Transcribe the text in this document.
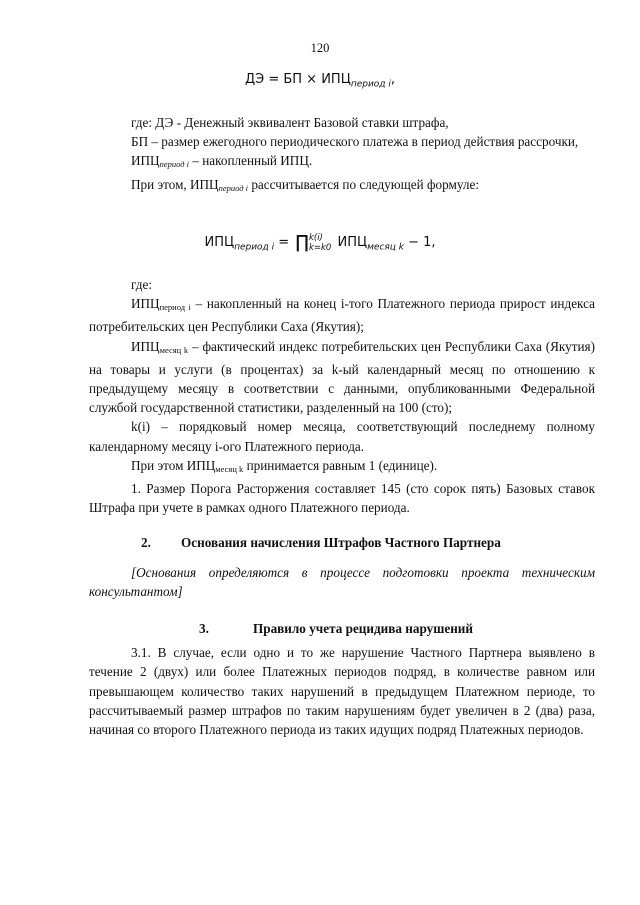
120
ДЭ = БП × $ИПЦ_{период i}$,

где: ДЭ - Денежный эквивалент Базовой ставки штрафа,

БП – размер ежегодного периодического платежа в период действия рассрочки,

ИПЦпериод i – накопленный ИПЦ.

При этом, ИПЦпериод i рассчитывается по следующей формуле:

$ИПЦ_{период i}$ = ∏k(i)
k=k0 $ИПЦ_{месяц k} - 1$,

где:

ИПЦпериод i – накопленный на конец i-того Платежного периода прирост индекса потребительских цен Республики Саха (Якутия);

ИПЦмесяц k – фактический индекс потребительских цен Республики Саха (Якутия) на товары и услуги (в процентах) за k-ый календарный месяц по отношению к предыдущему месяцу в соответствии с данными, опубликованными Федеральной службой государственной статистики, разделенный на 100 (сто);

k(i) – порядковый номер месяца, соответствующий последнему полному календарному месяцу i-ого Платежного периода.

При этом ИПЦмесяц k принимается равным 1 (единице).

1. Размер Порога Расторжения составляет 145 (сто сорок пять) Базовых ставок Штрафа при учете в рамках одного Платежного периода.

2. Основания начисления Штрафов Частного Партнера

[Основания определяются в процессе подготовки проекта техническим консультантом]

3.	Правило учета рецидива нарушений

3.1. В случае, если одно и то же нарушение Частного Партнера выявлено в течение 2 (двух) или более Платежных периодов подряд, в количестве равном или превышающем количество таких нарушений в предыдущем Платежном периоде, то рассчитываемый размер штрафов по таким нарушениям будет увеличен в 2 (два) раза, начиная со второго Платежного периода из таких идущих подряд Платежных периодов.
